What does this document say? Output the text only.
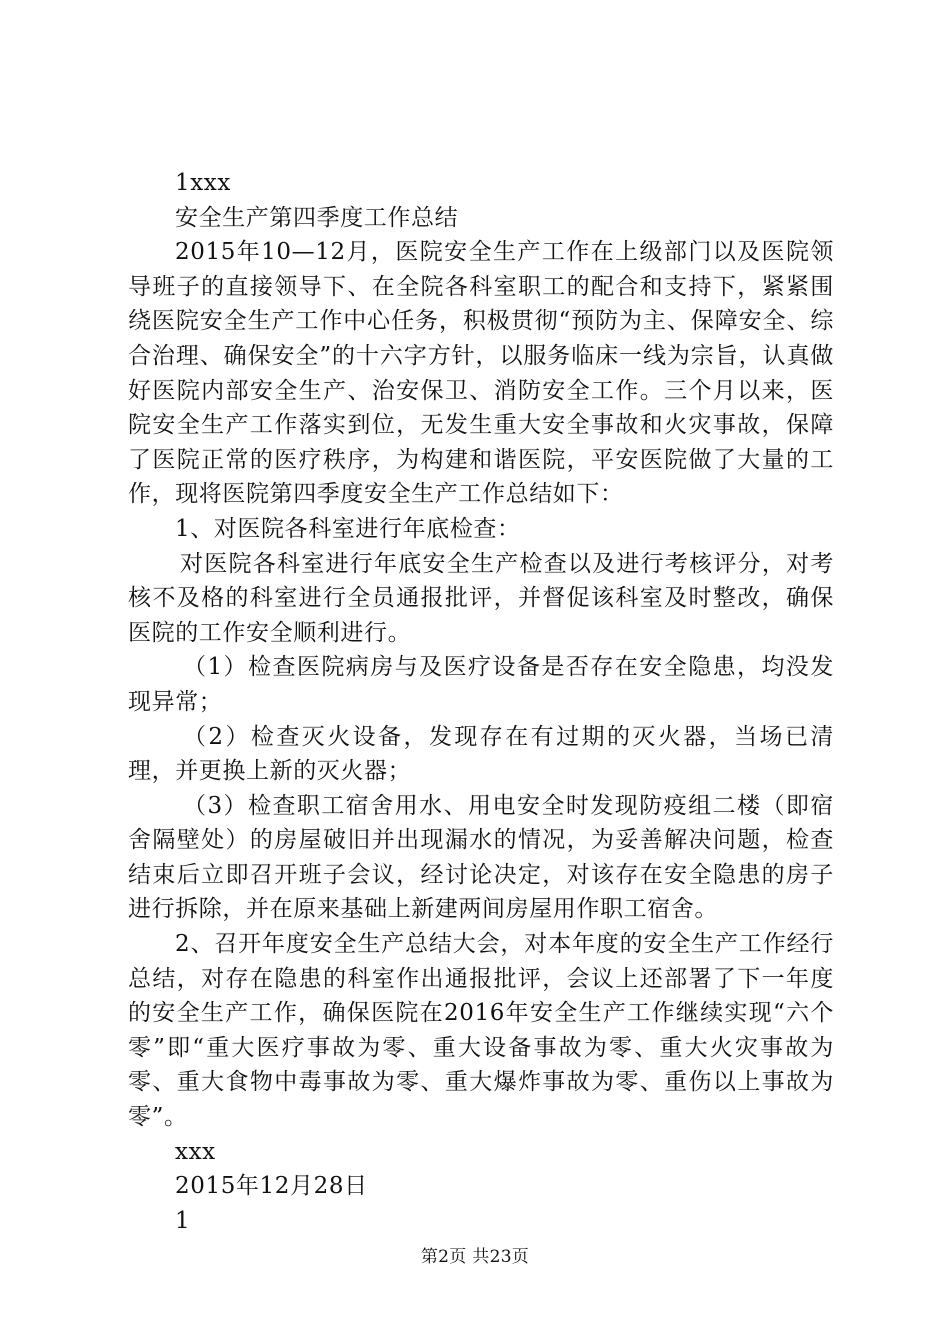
1xxx
安全生产第四季度工作总结

2015年10—12月，医院安全生产工作在上级部门以及医院领导班子的直接领导下、在全院各科室职工的配合和支持下，紧紧围绕医院安全生产工作中心任务，积极贯彻“预防为主、保障安全、综合治理、确保安全”的十六字方针，以服务临床一线为宗旨，认真做好医院内部安全生产、治安保卫、消防安全工作。三个月以来，医院安全生产工作落实到位，无发生重大安全事故和火灾事故，保障了医院正常的医疗秩序，为构建和谐医院，平安医院做了大量的工作，现将医院第四季度安全生产工作总结如下：

1、对医院各科室进行年底检查：

对医院各科室进行年底安全生产检查以及进行考核评分，对考核不及格的科室进行全员通报批评，并督促该科室及时整改，确保医院的工作安全顺利进行。

（1）检查医院病房与及医疗设备是否存在安全隐患，均没发现异常；

（2）检查灭火设备，发现存在有过期的灭火器，当场已清理，并更换上新的灭火器；

（3）检查职工宿舍用水、用电安全时发现防疫组二楼（即宿舍隔壁处）的房屋破旧并出现漏水的情况，为妥善解决问题，检查结束后立即召开班子会议，经讨论决定，对该存在安全隐患的房子进行拆除，并在原来基础上新建两间房屋用作职工宿舍。

2、召开年度安全生产总结大会，对本年度的安全生产工作经行总结，对存在隐患的科室作出通报批评，会议上还部署了下一年度的安全生产工作，确保医院在2016年安全生产工作继续实现“六个零”即“重大医疗事故为零、重大设备事故为零、重大火灾事故为零、重大食物中毒事故为零、重大爆炸事故为零、重伤以上事故为零”。

xxx
2015年12月28日
1
第2页 共23页
